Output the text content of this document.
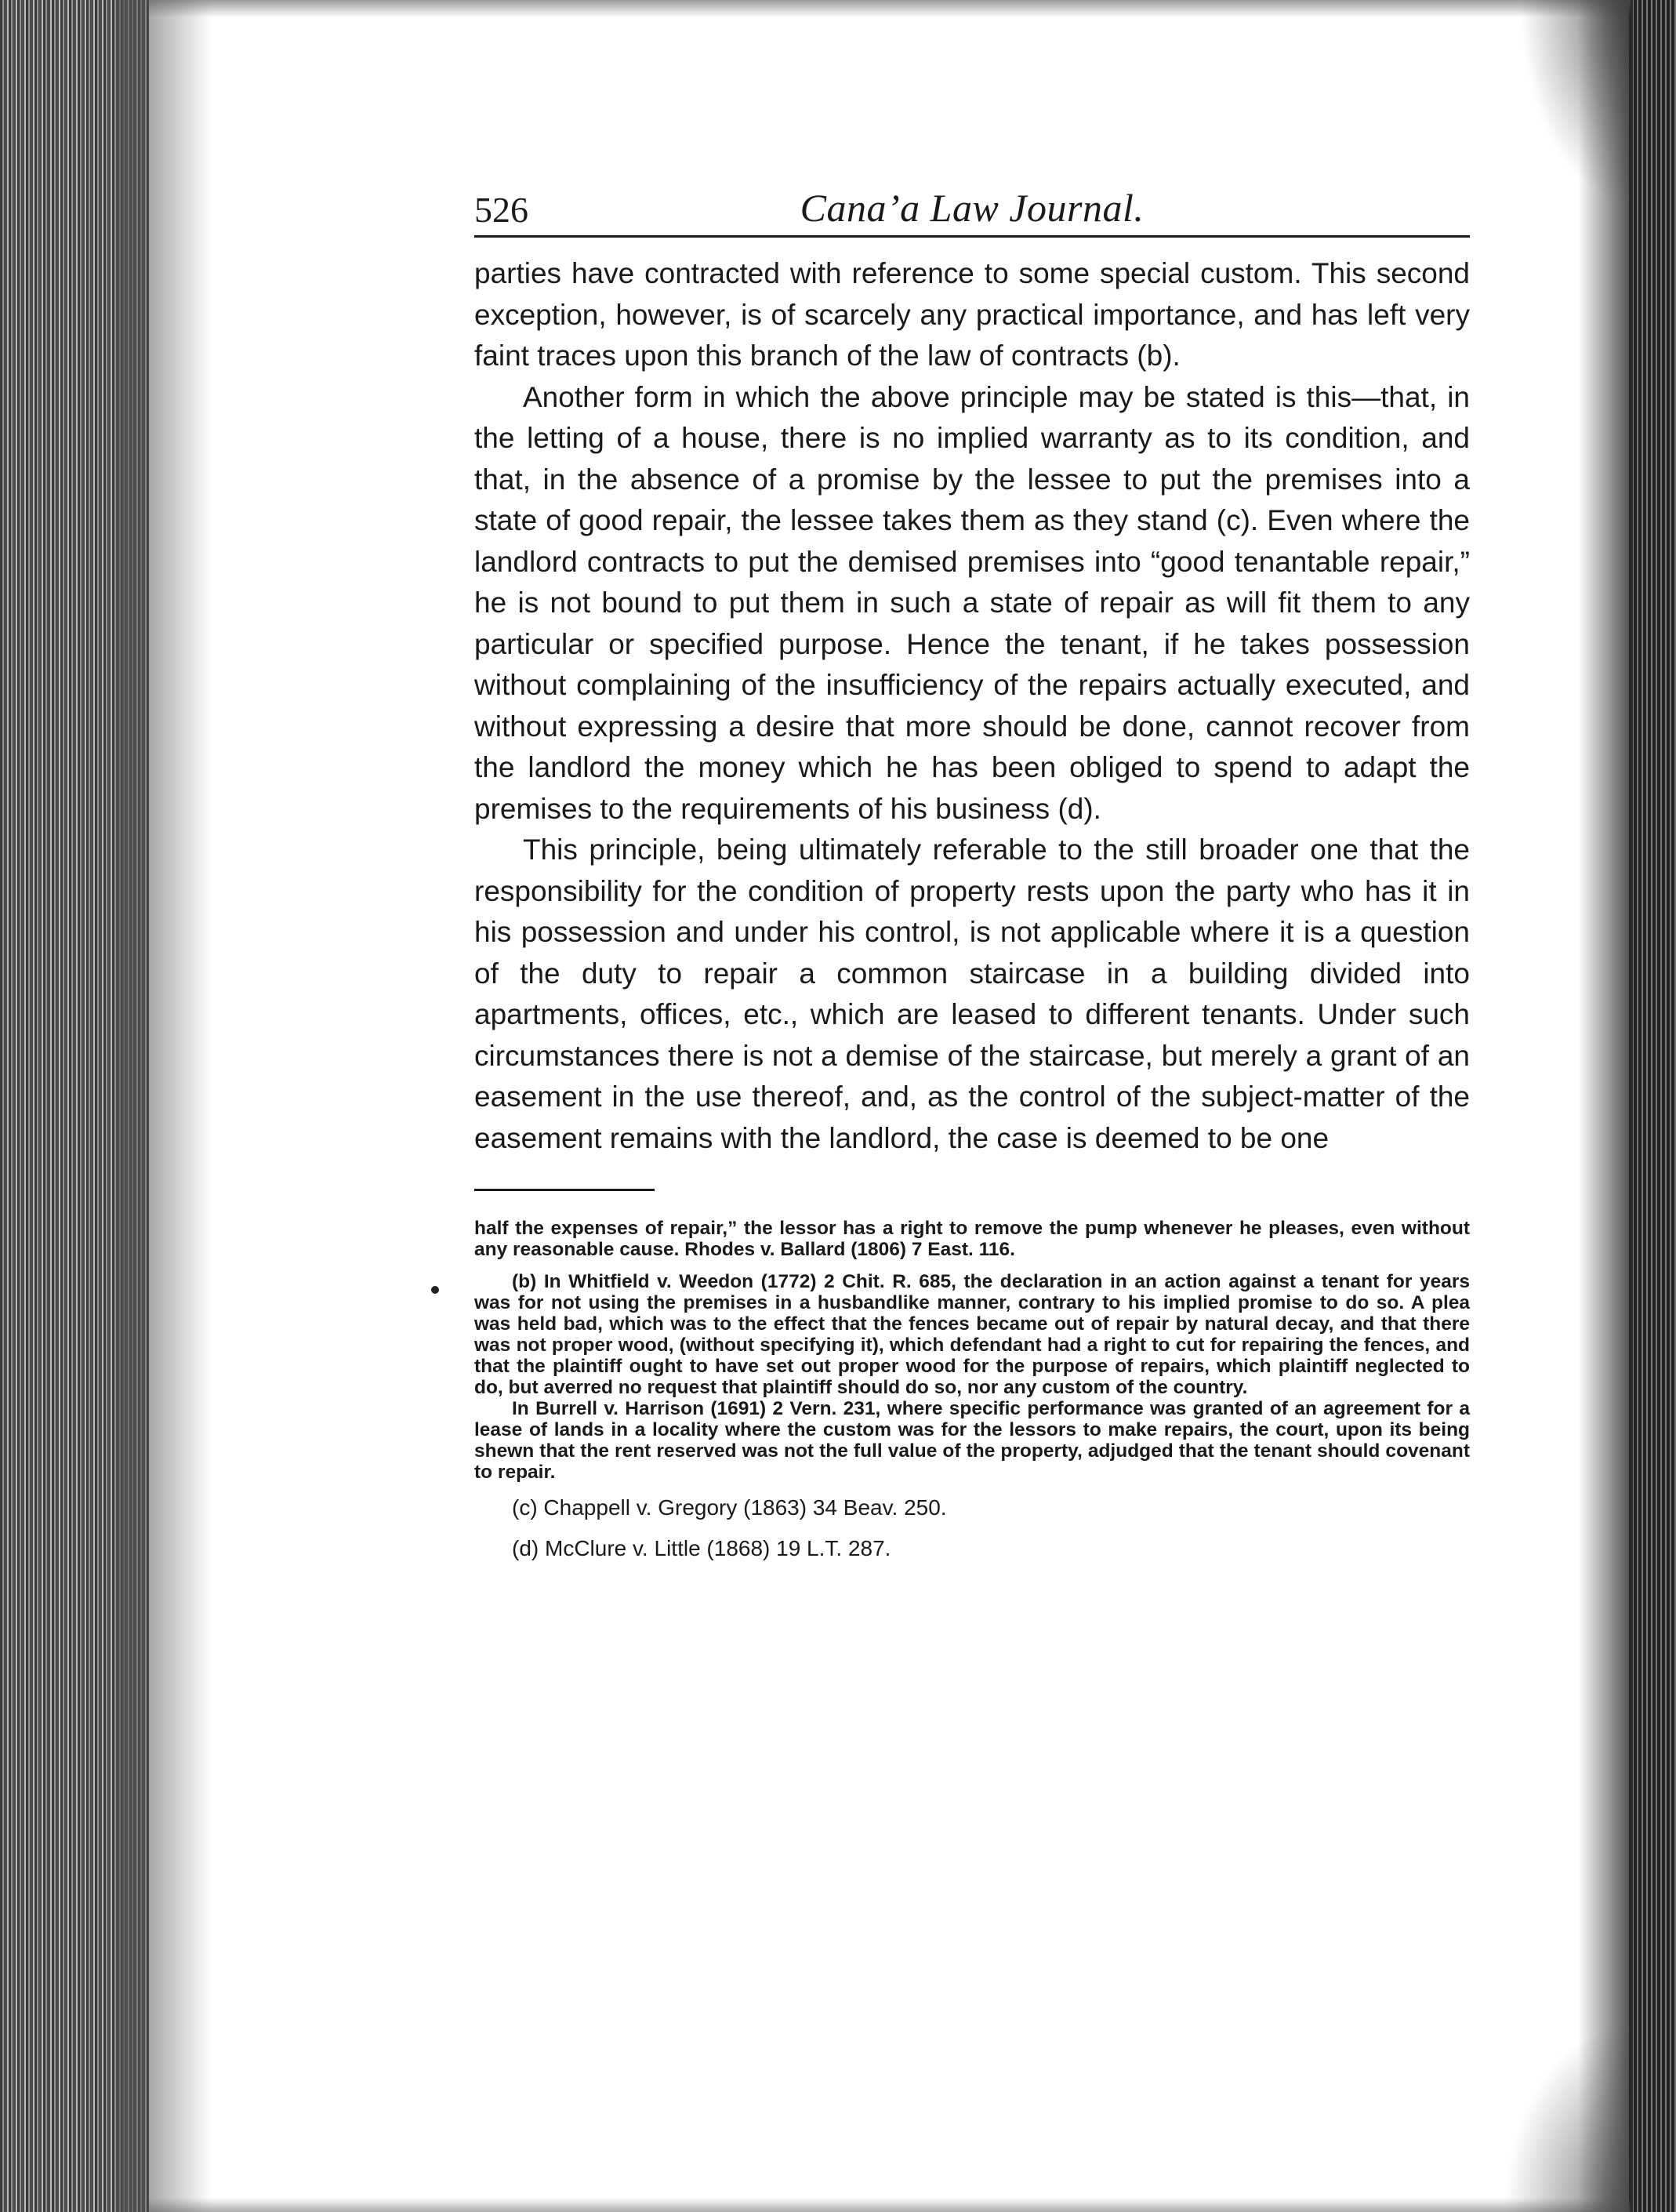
526	Cana’a Law Journal.

parties have contracted with reference to some special custom. This second exception, however, is of scarcely any practical importance, and has left very faint traces upon this branch of the law of contracts (b).

Another form in which the above principle may be stated is this—that, in the letting of a house, there is no implied warranty as to its condition, and that, in the absence of a promise by the lessee to put the premises into a state of good repair, the lessee takes them as they stand (c). Even where the landlord contracts to put the demised premises into “good tenantable repair,” he is not bound to put them in such a state of repair as will fit them to any particular or specified purpose. Hence the tenant, if he takes possession without complaining of the insufficiency of the repairs actually executed, and without expressing a desire that more should be done, cannot recover from the landlord the money which he has been obliged to spend to adapt the premises to the requirements of his business (d).

This principle, being ultimately referable to the still broader one that the responsibility for the condition of property rests upon the party who has it in his possession and under his control, is not applicable where it is a question of the duty to repair a common staircase in a building divided into apartments, offices, etc., which are leased to different tenants. Under such circumstances there is not a demise of the staircase, but merely a grant of an easement in the use thereof, and, as the control of the subject-matter of the easement remains with the landlord, the case is deemed to be one

half the expenses of repair,” the lessor has a right to remove the pump whenever he pleases, even without any reasonable cause. Rhodes v. Ballard (1806) 7 East. 116.

(b) In Whitfield v. Weedon (1772) 2 Chit. R. 685, the declaration in an action against a tenant for years was for not using the premises in a husbandlike manner, contrary to his implied promise to do so. A plea was held bad, which was to the effect that the fences became out of repair by natural decay, and that there was not proper wood, (without specifying it), which defendant had a right to cut for repairing the fences, and that the plaintiff ought to have set out proper wood for the purpose of repairs, which plaintiff neglected to do, but averred no request that plaintiff should do so, nor any custom of the country.

In Burrell v. Harrison (1691) 2 Vern. 231, where specific performance was granted of an agreement for a lease of lands in a locality where the custom was for the lessors to make repairs, the court, upon its being shewn that the rent reserved was not the full value of the property, adjudged that the tenant should covenant to repair.

(c) Chappell v. Gregory (1863) 34 Beav. 250.

(d) McClure v. Little (1868) 19 L.T. 287.
